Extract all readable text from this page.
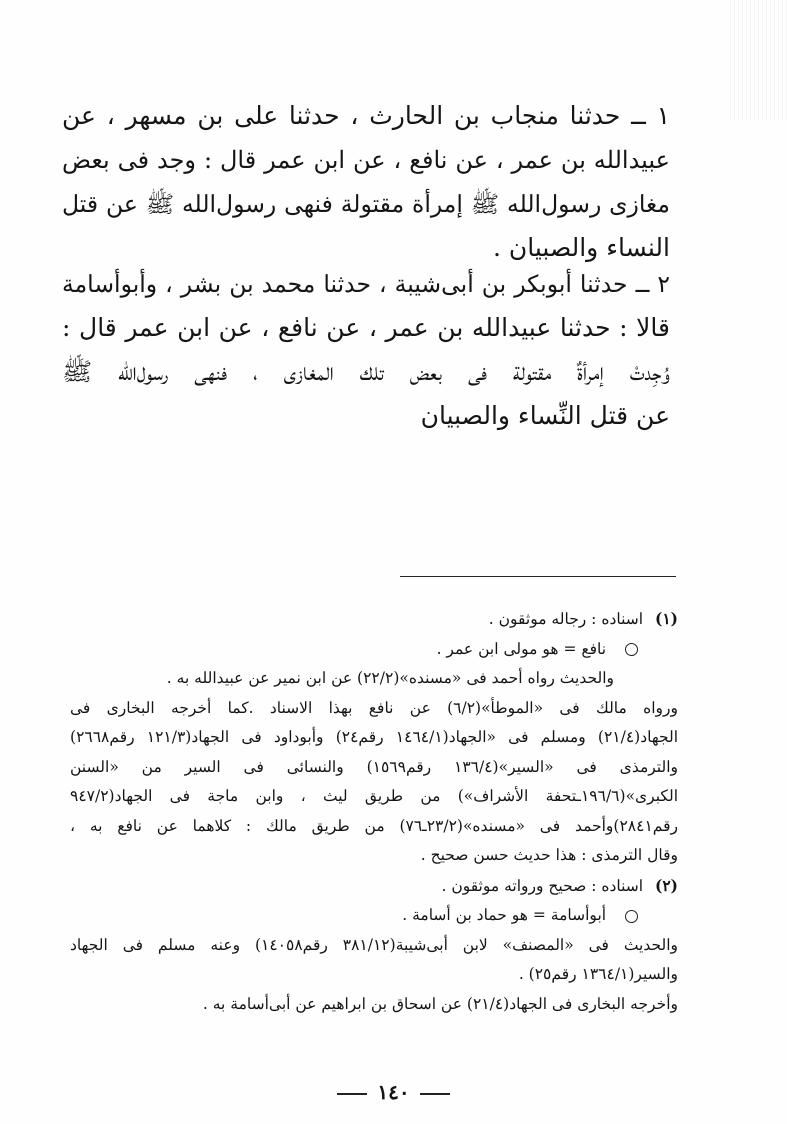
١ ــ حدثنا منجاب بن الحارث ، حدثنا على بن مسهر ، عن
عبيدالله بن عمر ، عن نافع ، عن ابن عمر قال : وجد فى بعض
مغازى رسول‌الله ﷺ إمرأة مقتولة فنهى رسول‌الله ﷺ عن قتل
النساء والصبيان .
٢ ــ حدثنا أبوبكر بن أبى‌شيبة ، حدثنا محمد بن بشر ، وأبوأسامة
قالا : حدثنا عبيدالله بن عمر ، عن نافع ، عن ابن عمر قال :
وُجِدتْ إمرأةٌ مقتولة فى بعض تلك المغازى ، فنهى رسول‌الله ﷺ
عن قتل النِّساء والصبيان
(١) اسناده : رجاله موثقون .
نافع = هو مولى ابن عمر .
والحديث رواه أحمد فى «مسنده»(٢٢/٢) عن ابن نمير عن عبيدالله به .
ورواه مالك فى «الموطأ»(٦/٢) عن نافع بهذا الاسناد .كما أخرجه البخارى فى
الجهاد(٢١/٤) ومسلم فى «الجهاد(١٤٦٤/١ رقم٢٤) وأبوداود فى الجهاد(١٢١/٣ رقم٢٦٦٨)
والترمذى فى «السير»(١٣٦/٤ رقم١٥٦٩) والنسائى فى السير من «السنن
الكبرى»(١٩٦/٦ـتحفة الأشراف») من طريق ليث ، وابن ماجة فى الجهاد(٩٤٧/٢
رقم٢٨٤١)وأحمد فى «مسنده»(٢٣/٢ـ٧٦) من طريق مالك : كلاهما عن نافع به ،
وقال الترمذى : هذا حديث حسن صحيح .
(٢) اسناده : صحيح ورواته موثقون .
أبوأسامة = هو حماد بن أسامة .
والحديث فى «المصنف» لابن أبى‌شيبة(٣٨١/١٢ رقم١٤٠٥٨) وعنه مسلم فى الجهاد
والسير(١٣٦٤/١ رقم٢٥) .
وأخرجه البخارى فى الجهاد(٢١/٤) عن اسحاق بن ابراهيم عن أبى‌أسامة به .
١٤٠
